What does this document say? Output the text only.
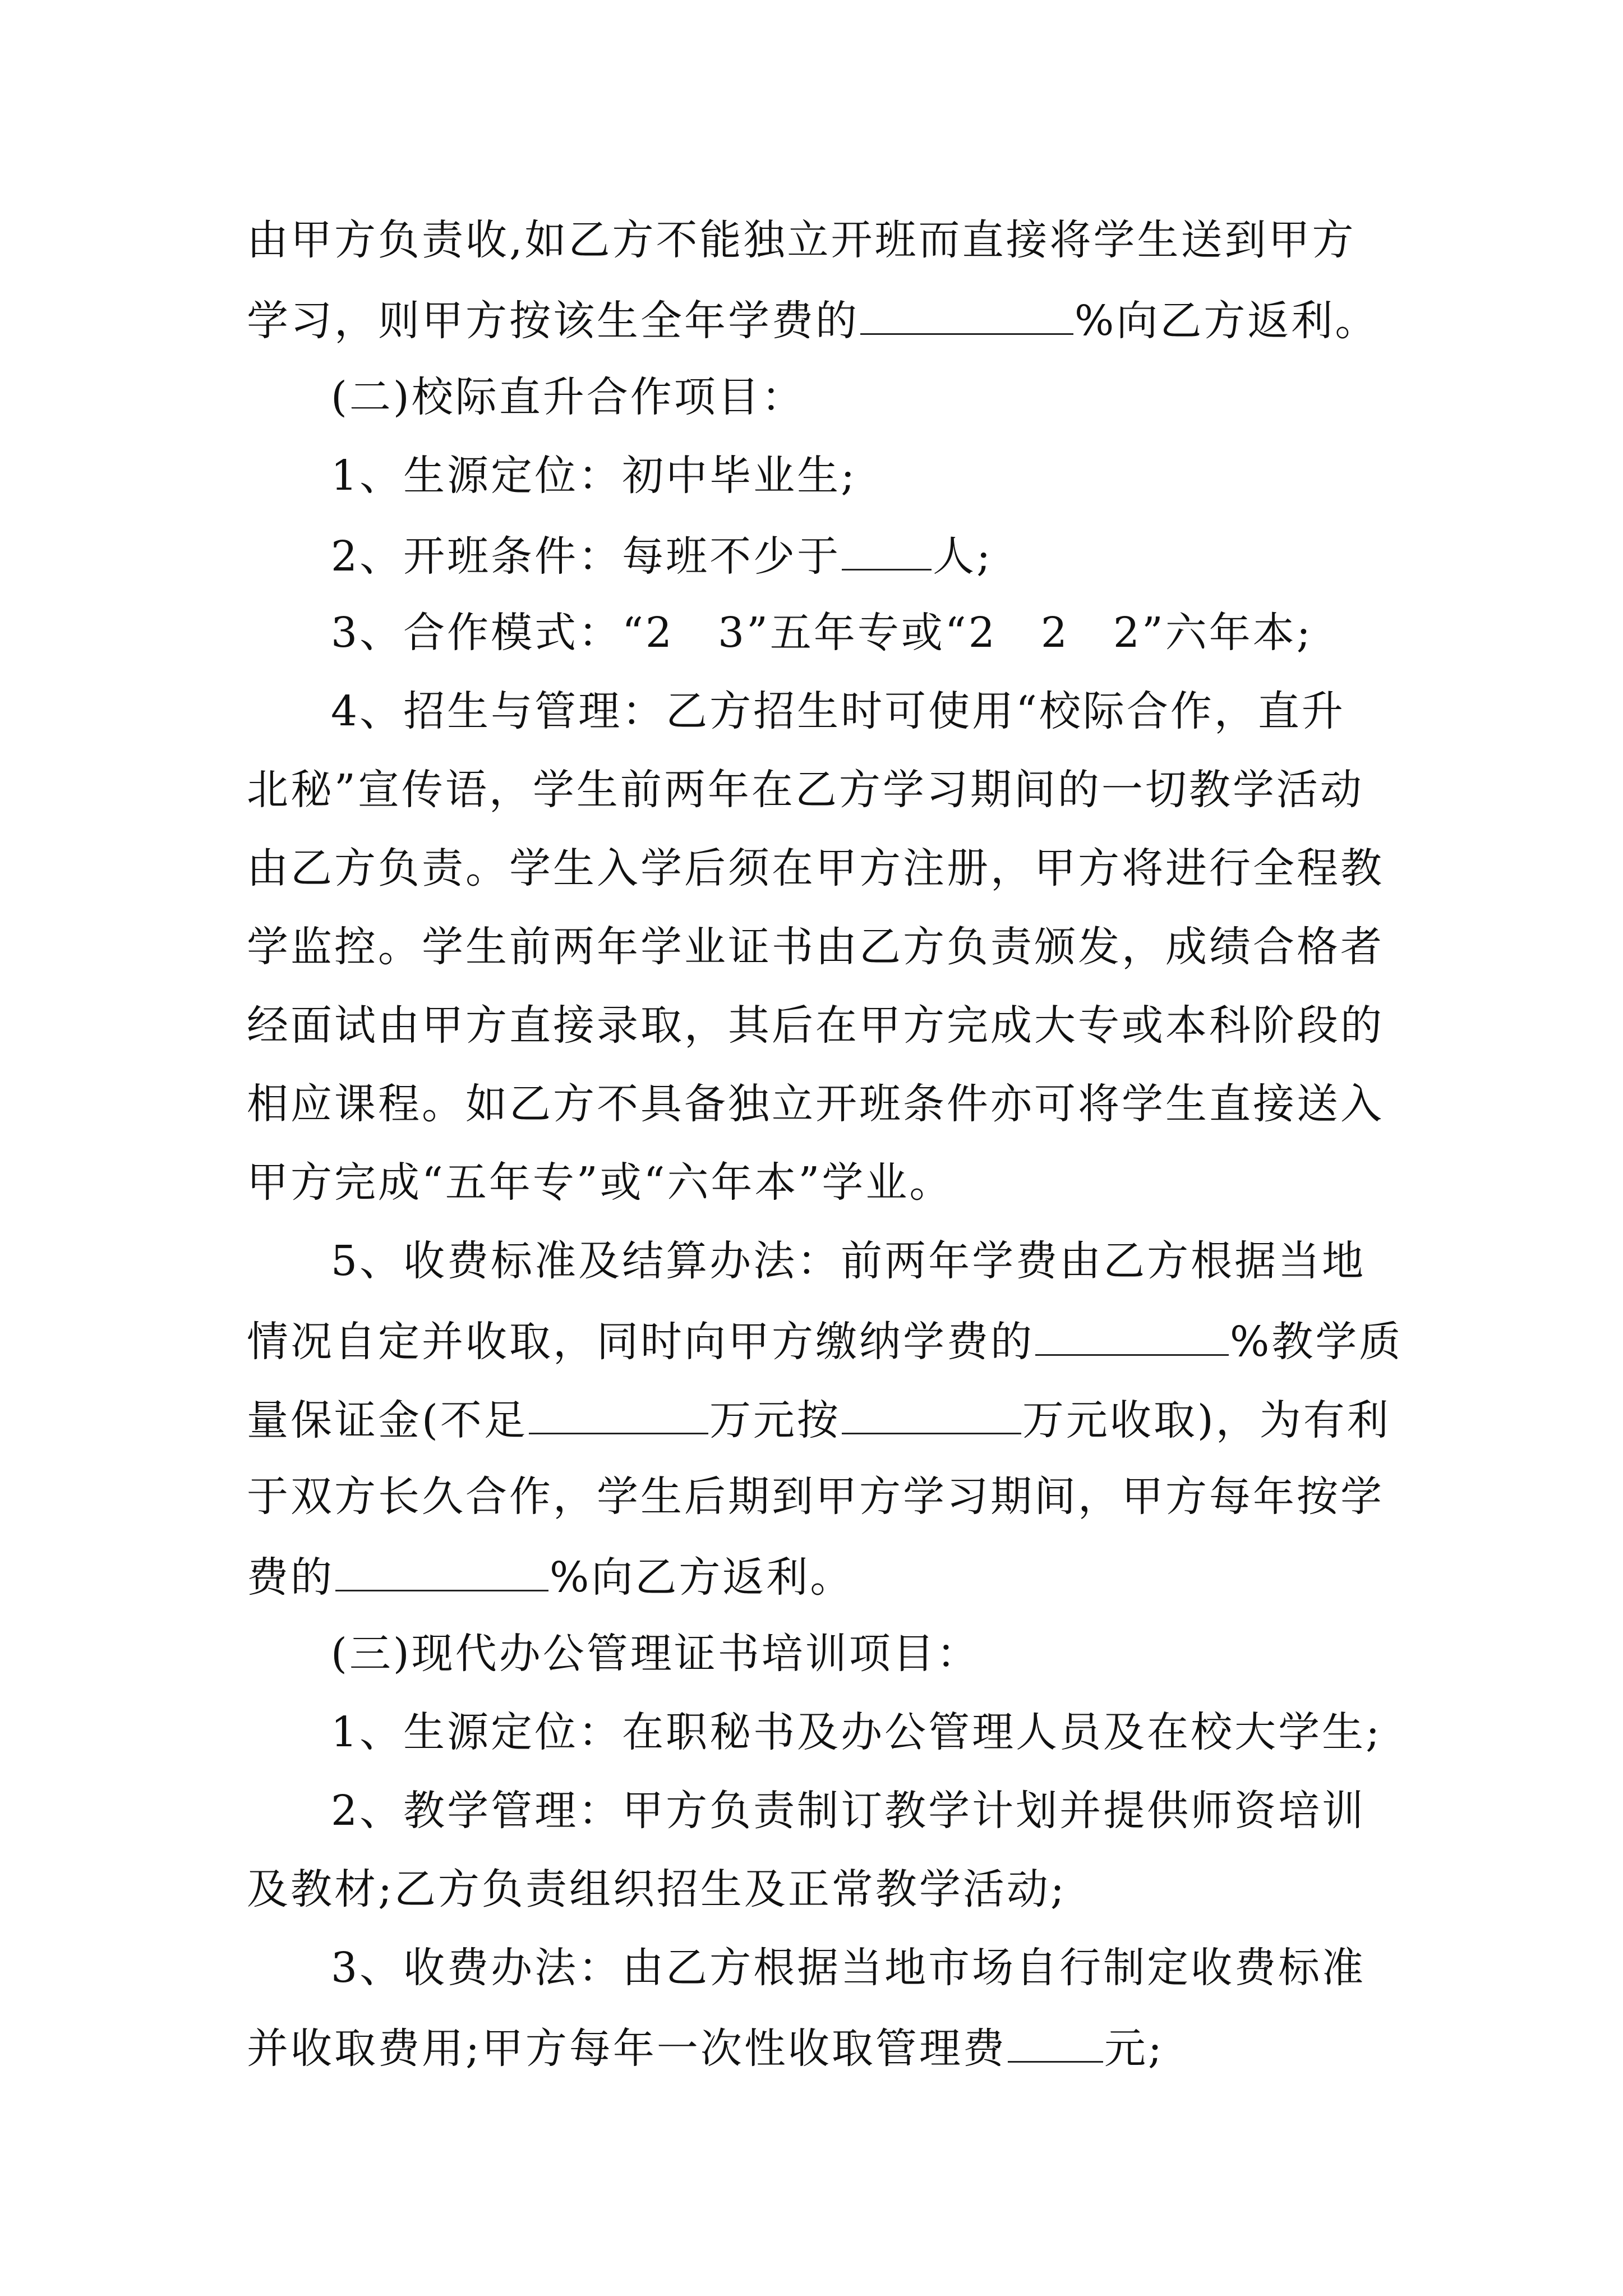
由甲方负责收,如乙方不能独立开班而直接将学生送到甲方
学习，则甲方按该生全年学费的	%向乙方返利。
(二)校际直升合作项目：
1、生源定位：初中毕业生;
2、开班条件：每班不少于 人;
3、合作模式：“2　3”五年专或“2　2　2”六年本;
4、招生与管理：乙方招生时可使用“校际合作，直升
北秘”宣传语，学生前两年在乙方学习期间的一切教学活动
由乙方负责。学生入学后须在甲方注册，甲方将进行全程教
学监控。学生前两年学业证书由乙方负责颁发，成绩合格者
经面试由甲方直接录取，其后在甲方完成大专或本科阶段的
相应课程。如乙方不具备独立开班条件亦可将学生直接送入
甲方完成“五年专”或“六年本”学业。
5、收费标准及结算办法：前两年学费由乙方根据当地
情况自定并收取，同时向甲方缴纳学费的	%教学质
量保证金(不足	万元按	万元收取)，为有利
于双方长久合作，学生后期到甲方学习期间，甲方每年按学
费的	%向乙方返利。
(三)现代办公管理证书培训项目：
1、生源定位：在职秘书及办公管理人员及在校大学生;
2、教学管理：甲方负责制订教学计划并提供师资培训
及教材;乙方负责组织招生及正常教学活动;
3、收费办法：由乙方根据当地市场自行制定收费标准
并收取费用;甲方每年一次性收取管理费 元;
